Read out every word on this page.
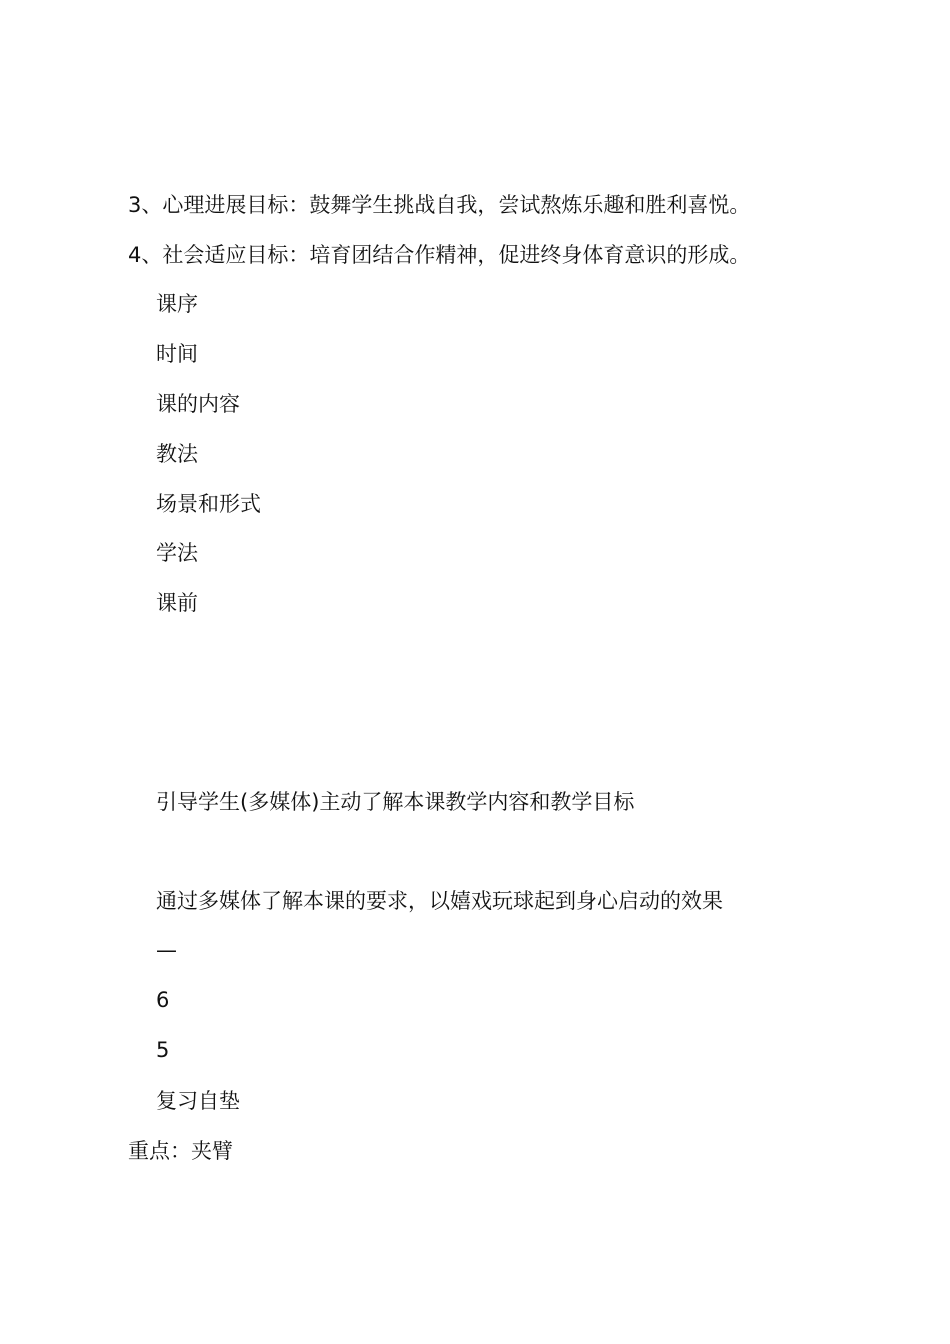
3、心理进展目标：鼓舞学生挑战自我，尝试熬炼乐趣和胜利喜悦。
4、社会适应目标：培育团结合作精神，促进终身体育意识的形成。
课序
时间
课的内容
教法
场景和形式
学法
课前
引导学生(多媒体)主动了解本课教学内容和教学目标
通过多媒体了解本课的要求，以嬉戏玩球起到身心启动的效果
—
6
5
复习自垫
重点：夹臂
